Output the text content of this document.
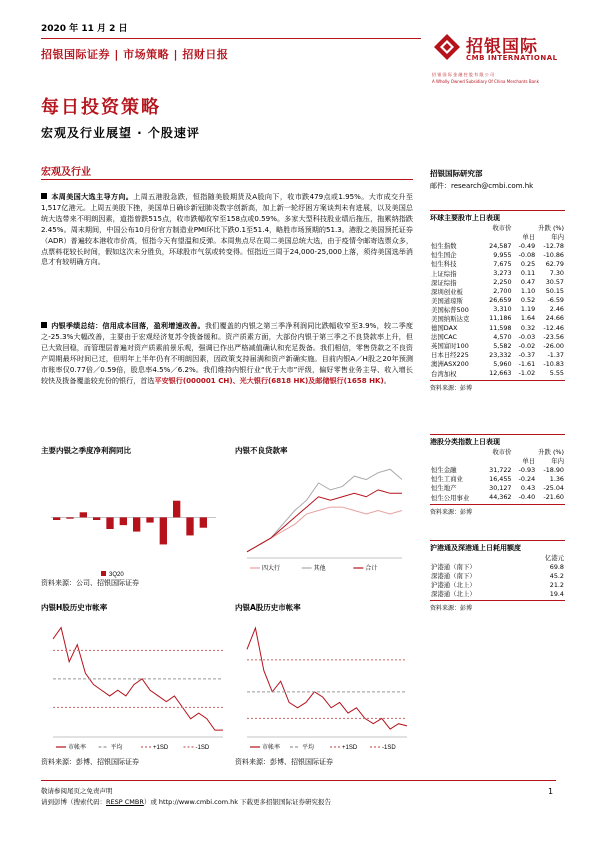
2020 年 11 月 2 日
招银国际证券 | 市场策略 | 招财日报	招银国际
CMB INTERNATIONAL
招 银 国 际 金 融 控 股 有 限 公 司
A Wholly Owned Subsidiary Of China Merchants Bank
每日投资策略
宏观及行业展望 · 个股速评
宏观及行业
本周美国大选主导方向。上周五港股急跌，恒指随美股期货及A股向下，收市跌479点或1.95%。大市成交升至1,517亿港元。上周五美股下挫，美国单日确诊新冠肺炎数字创新高，加上新一轮纾困方案谈判未有进展，以及美国总统大选带来不明朗因素，道指曾跌515点，收市跌幅收窄至158点或0.59%。多家大型科技股业绩后拖压，拖累纳指跌2.45%。周末期间，中国公布10月份官方制造业PMI环比下跌0.1至51.4，略胜市场预期的51.3。港股之美国预托证券（ADR）普遍较本港收市价高，恒指今天有望温和反弹。本周焦点尽在周二美国总统大选，由于疫情令邮寄选票众多，点票料花较长时间，假如这次未分胜负，环球股市气氛或转变得。恒指近三周于24,000-25,000上落，须待美国选举消息才有较明确方向。
内银季绩总结：信用成本回落，盈利增速改善。我们覆盖的内银之第三季净利润同比跌幅收窄至3.9%，较二季度之-25.3%大幅改善，主要由于宏观经济复苏令拨备缓和。资产质素方面，大部份内银于第三季之不良贷款率上升，但已大致回稳，而管理层普遍对资产质素前景乐观，强调已作出严格减值确认和充足拨备。我们相信，零售贷款之不良资产周期最坏时间已过，但明年上半年仍有不明朗因素，因政策支持届满和资产新确实施。目前内银A／H股之20年预测市账率仅0.77倍／0.59倍，股息率4.5%／6.2%。我们维持内银行业“优于大市”评级，偏好零售业务主导、收入增长较快及拨备覆盖较充份的银行，首选平安银行(000001 CH)、光大银行(6818 HK)及邮储银行(1658 HK)。
招银国际研究部
邮件：research@cmbi.com.hk
环球主要股市上日表现
	收市价	升跌 (%)	
		单日	年内
恒生指数	24,587	-0.49	-12.78
恒生国企	9,955	-0.08	-10.86
恒生科技	7,675	0.25	62.79
上证综指	3,273	0.11	7.30
深证综指	2,250	0.47	30.57
深圳创业板	2,700	1.10	50.15
美国道琼斯	26,659	0.52	-6.59
美国标普500	3,310	1.19	2.46
美国纳斯达克	11,186	1.64	24.66
德国DAX	11,598	0.32	-12.46
法国CAC	4,570	-0.03	-23.56
英国富时100	5,582	-0.02	-26.00
日本日经225	23,332	-0.37	-1.37
澳洲ASX200	5,960	-1.61	-10.83
台湾加权	12,663	-1.02	5.55
资料来源：彭博
港股分类指数上日表现
	收市价	升跌 (%)	
		单日	年内
恒生金融	31,722	-0.93	-18.90
恒生工商业	16,455	-0.24	1.36
恒生地产	30,127	0.43	-25.04
恒生公用事业	44,362	-0.40	-21.60
资料来源：彭博
沪港通及深港通上日耗用额度
	亿港元
沪港通（南下）	69.8
深港通（南下）	45.2
沪港通（北上）	21.2
深港通（北上）	19.4
资料来源：彭博
主要内银之季度净利润同比
3Q20
资料来源：公司、招银国际证券
内银不良贷款率
四大行	其他	合计
内银H股历史市帐率
市帐率	平均	+1SD	-1SD
资料来源：彭博、招银国际证券
内银A股历史市帐率
市帐率	平均	+1SD	-1SD
资料来源：彭博、招银国际证券
敬请参阅尾页之免责声明
请到彭博（搜索代码：RESP CMBR）或 http://www.cmbi.com.hk 下载更多招银国际证券研究报告
1
